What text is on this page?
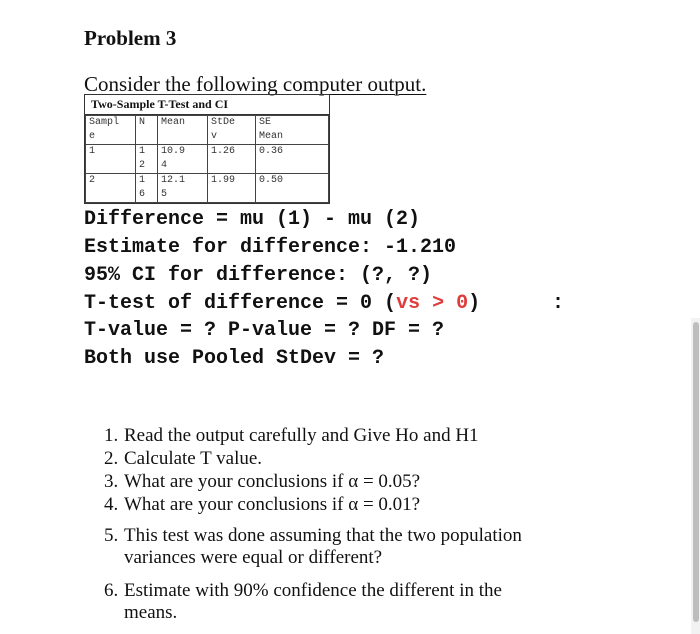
Problem 3
Consider the following computer output.
Two-Sample T-Test and CI
Sampl	N	Mean	StDe	SE
e			v	Mean
1	1	10.9	1.26	0.36
	2	4		
2	1	12.1	1.99	0.50
	6	5		
Difference = mu (1) - mu (2)
Estimate for difference: -1.210
95% CI for difference: (?, ?)
T-test of difference = 0 (vs > 0)	:
T-value = ? P-value = ? DF = ?
Both use Pooled StDev = ?
1. Read the output carefully and Give Ho and H1
2. Calculate T value.
3. What are your conclusions if α = 0.05?
4. What are your conclusions if α = 0.01?
5. This test was done assuming that the two population
variances were equal or different?
6. Estimate with 90% confidence the different in the
means.
